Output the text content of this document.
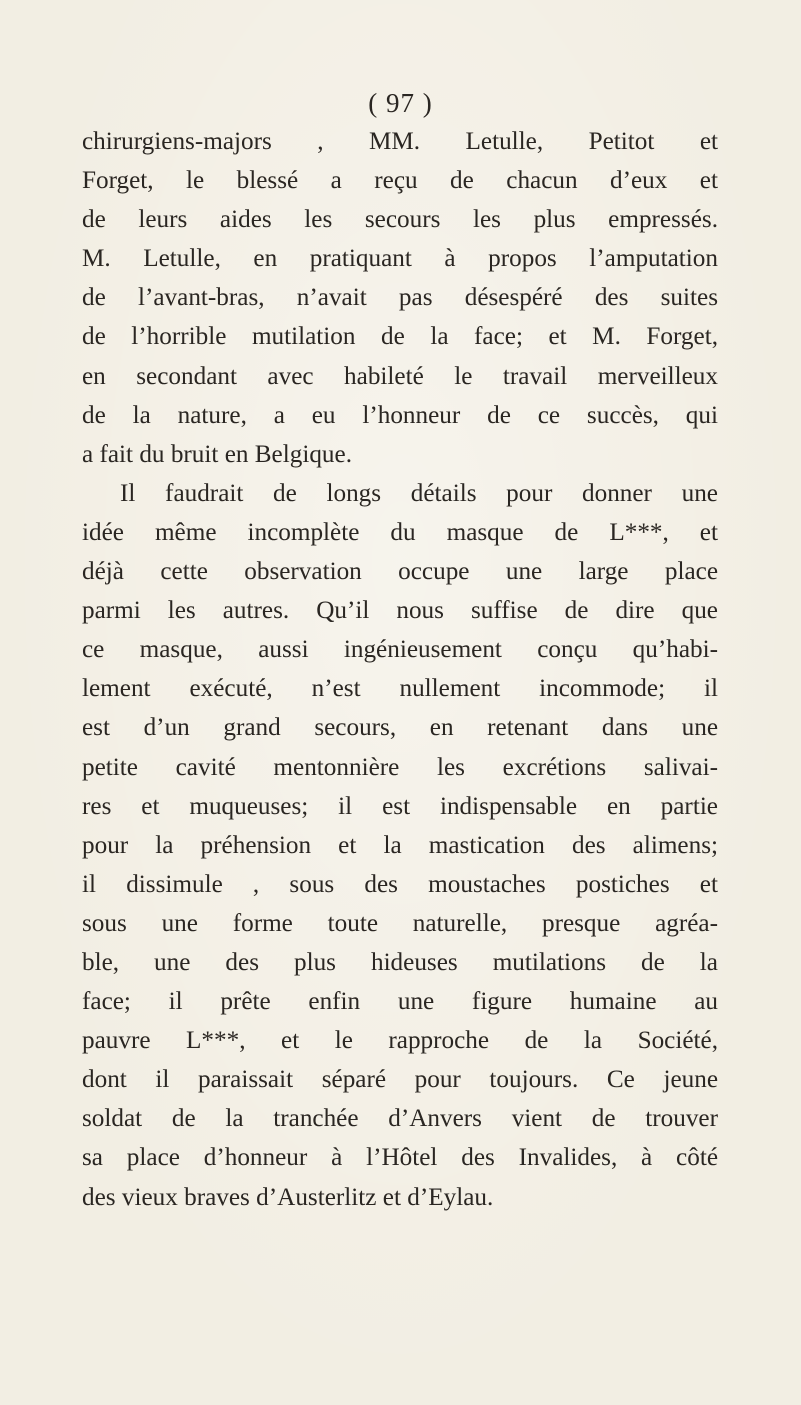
( 97 )
chirurgiens-majors , MM. Letulle, Petitot et
Forget, le blessé a reçu de chacun d’eux et
de leurs aides les secours les plus empressés.
M. Letulle, en pratiquant à propos l’amputation
de l’avant-bras, n’avait pas désespéré des suites
de l’horrible mutilation de la face; et M. Forget,
en secondant avec habileté le travail merveilleux
de la nature, a eu l’honneur de ce succès, qui
a fait du bruit en Belgique.
Il faudrait de longs détails pour donner une
idée même incomplète du masque de L***, et
déjà cette observation occupe une large place
parmi les autres. Qu’il nous suffise de dire que
ce masque, aussi ingénieusement conçu qu’habi-
lement exécuté, n’est nullement incommode; il
est d’un grand secours, en retenant dans une
petite cavité mentonnière les excrétions salivai-
res et muqueuses; il est indispensable en partie
pour la préhension et la mastication des alimens;
il dissimule , sous des moustaches postiches et
sous une forme toute naturelle, presque agréa-
ble, une des plus hideuses mutilations de la
face; il prête enfin une figure humaine au
pauvre L***, et le rapproche de la Société,
dont il paraissait séparé pour toujours. Ce jeune
soldat de la tranchée d’Anvers vient de trouver
sa place d’honneur à l’Hôtel des Invalides, à côté
des vieux braves d’Austerlitz et d’Eylau.
